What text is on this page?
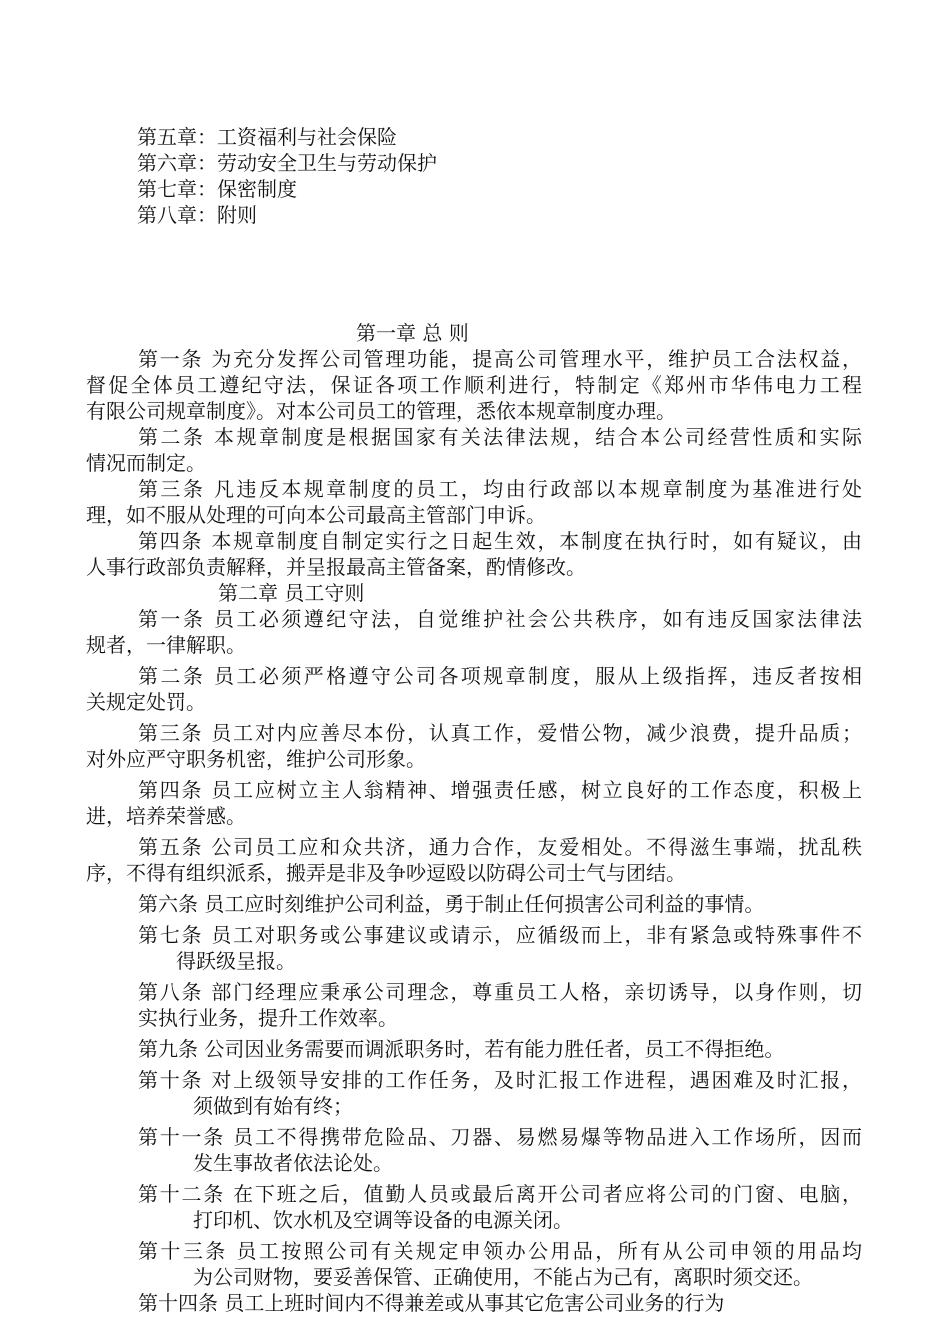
第五章：工资福利与社会保险
第六章：劳动安全卫生与劳动保护
第七章：保密制度
第八章：附则
第一章 总 则
第一条 为充分发挥公司管理功能，提高公司管理水平，维护员工合法权益，
督促全体员工遵纪守法，保证各项工作顺利进行，特制定《郑州市华伟电力工程
有限公司规章制度》。对本公司员工的管理，悉依本规章制度办理。
第二条 本规章制度是根据国家有关法律法规，结合本公司经营性质和实际
情况而制定。
第三条 凡违反本规章制度的员工，均由行政部以本规章制度为基准进行处
理，如不服从处理的可向本公司最高主管部门申诉。
第四条 本规章制度自制定实行之日起生效，本制度在执行时，如有疑议，由
人事行政部负责解释，并呈报最高主管备案，酌情修改。
第二章 员工守则
第一条 员工必须遵纪守法，自觉维护社会公共秩序，如有违反国家法律法
规者，一律解职。
第二条 员工必须严格遵守公司各项规章制度，服从上级指挥，违反者按相
关规定处罚。
第三条 员工对内应善尽本份，认真工作，爱惜公物，减少浪费，提升品质；
对外应严守职务机密，维护公司形象。
第四条 员工应树立主人翁精神、增强责任感，树立良好的工作态度，积极上
进，培养荣誉感。
第五条 公司员工应和众共济，通力合作，友爱相处。不得滋生事端，扰乱秩
序，不得有组织派系，搬弄是非及争吵逗殴以防碍公司士气与团结。
第六条 员工应时刻维护公司利益，勇于制止任何损害公司利益的事情。
第七条 员工对职务或公事建议或请示，应循级而上，非有紧急或特殊事件不
得跃级呈报。
第八条 部门经理应秉承公司理念，尊重员工人格，亲切诱导，以身作则，切
实执行业务，提升工作效率。
第九条 公司因业务需要而调派职务时，若有能力胜任者，员工不得拒绝。
第十条 对上级领导安排的工作任务，及时汇报工作进程，遇困难及时汇报，
须做到有始有终；
第十一条 员工不得携带危险品、刀器、易燃易爆等物品进入工作场所，因而
发生事故者依法论处。
第十二条 在下班之后，值勤人员或最后离开公司者应将公司的门窗、电脑，
打印机、饮水机及空调等设备的电源关闭。
第十三条 员工按照公司有关规定申领办公用品，所有从公司申领的用品均
为公司财物，要妥善保管、正确使用，不能占为己有，离职时须交还。
第十四条 员工上班时间内不得兼差或从事其它危害公司业务的行为
